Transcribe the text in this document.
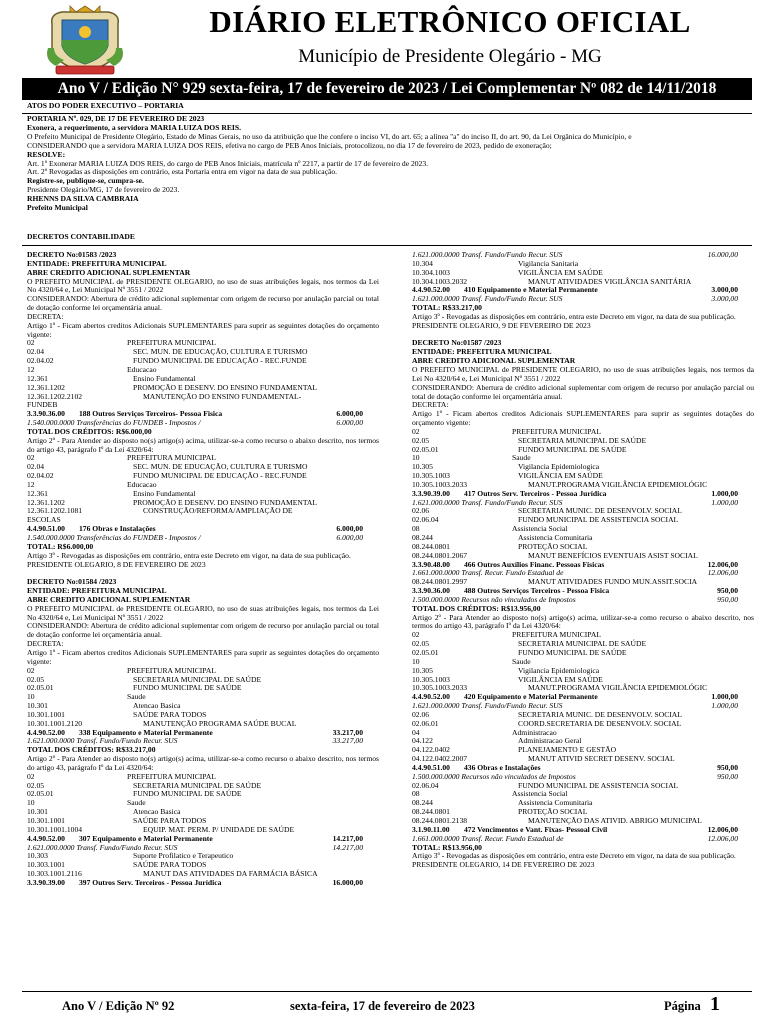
DIÁRIO ELETRÔNICO OFICIAL
Município de Presidente Olegário - MG
Ano V / Edição N° 929 sexta-feira, 17 de fevereiro de 2023 / Lei Complementar Nº 082 de 14/11/2018
ATOS DO PODER EXECUTIVO – PORTARIA
PORTARIA Nº. 029, DE 17 DE FEVEREIRO DE 2023
Exonera, a requerimento, a servidora MARIA LUIZA DOS REIS.
O Prefeito Municipal de Presidente Olegário, Estado de Minas Gerais, no uso da atribuição que lhe confere o inciso VI, do art. 65; a alínea "a" do inciso II, do art. 90, da Lei Orgânica do Município, e
CONSIDERANDO que a servidora MARIA LUIZA DOS REIS, efetiva no cargo de PEB Anos Iniciais, protocolizou, no dia 17 de fevereiro de 2023, pedido de exoneração;
RESOLVE:
Art. 1º Exonerar MARIA LUIZA DOS REIS, do cargo de PEB Anos Iniciais, matrícula nº 2217, a partir de 17 de fevereiro de 2023.
Art. 2º Revogadas as disposições em contrário, esta Portaria entra em vigor na data de sua publicação.
Registre-se, publique-se, cumpra-se.
Presidente Olegário/MG, 17 de fevereiro de 2023.
RHENNS DA SILVA CAMBRAIA
Prefeito Municipal
DECRETOS CONTABILIDADE
DECRETO No:01583 /2023
ENTIDADE: PREFEITURA MUNICIPAL
ABRE CREDITO ADICIONAL SUPLEMENTAR
O PREFEITO MUNICIPAL de PRESIDENTE OLEGARIO, no uso de suas atribuições legais, nos termos da Lei No 4320/64 e, Lei Municipal Nº 3551 / 2022
CONSIDERANDO: Abertura de crédito adicional suplementar com origem de recurso por anulação parcial ou total de dotação conforme lei orçamentária anual.
DECRETA:
Artigo 1º - Ficam abertos creditos Adicionais SUPLEMENTARES para suprir as seguintes dotações do orçamento vigente:
02	PREFEITURA MUNICIPAL
02.04	SEC. MUN. DE EDUCAÇÃO, CULTURA E TURISMO
02.04.02	FUNDO MUNICIPAL DE EDUCAÇÃO - REC.FUNDE
12	Educacao
12.361	Ensino Fundamental
12.361.1202	PROMOÇÃO E DESENV. DO ENSINO FUNDAMENTAL
12.361.1202.2102	MANUTENÇÃO DO ENSINO FUNDAMENTAL-
FUNDEB
3.3.90.36.00 188 Outros Serviços Terceiros- Pessoa Fisica	6.000,00
1.540.000.0000 Transferências do FUNDEB - Impostos /	6.000,00
TOTAL DOS CRÉDITOS: R$6.000,00
Artigo 2º - Para Atender ao disposto no(s) artigo(s) acima, utilizar-se-a como recurso o abaixo descrito, nos termos do artigo 43, parágrafo Iº da Lei 4320/64:
02	PREFEITURA MUNICIPAL
02.04	SEC. MUN. DE EDUCAÇÃO, CULTURA E TURISMO
02.04.02	FUNDO MUNICIPAL DE EDUCAÇÃO - REC.FUNDE
12	Educacao
12.361	Ensino Fundamental
12.361.1202	PROMOÇÃO E DESENV. DO ENSINO FUNDAMENTAL
12.361.1202.1081	CONSTRUÇÃO/REFORMA/AMPLIAÇÃO DE
ESCOLAS
4.4.90.51.00 176 Obras e Instalações	6.000,00
1.540.000.0000 Transferências do FUNDEB - Impostos /	6.000,00
TOTAL: R$6.000,00
Artigo 3º - Revogadas as disposições em contrário, entra este Decreto em vigor, na data de sua publicação.
PRESIDENTE OLEGARIO, 8 DE FEVEREIRO DE 2023
DECRETO No:01584 /2023
ENTIDADE: PREFEITURA MUNICIPAL
ABRE CREDITO ADICIONAL SUPLEMENTAR
O PREFEITO MUNICIPAL de PRESIDENTE OLEGARIO, no uso de suas atribuições legais, nos termos da Lei No 4320/64 e, Lei Municipal Nº 3551 / 2022
CONSIDERANDO: Abertura de crédito adicional suplementar com origem de recurso por anulação parcial ou total de dotação conforme lei orçamentária anual.
DECRETA:
Artigo 1º - Ficam abertos creditos Adicionais SUPLEMENTARES para suprir as seguintes dotações do orçamento vigente:
02	PREFEITURA MUNICIPAL
02.05	SECRETARIA MUNICIPAL DE SAÚDE
02.05.01	FUNDO MUNICIPAL DE SAÚDE
10	Saude
10.301	Atencao Basica
10.301.1001	SAÚDE PARA TODOS
10.301.1001.2120	MANUTENÇÃO PROGRAMA SAÚDE BUCAL
4.4.90.52.00 338 Equipamento e Material Permanente	33.217,00
1.621.000.0000 Transf. Fundo/Fundo Recur. SUS	33.217,00
TOTAL DOS CRÉDITOS: R$33.217,00
Artigo 2º - Para Atender ao disposto no(s) artigo(s) acima, utilizar-se-a como recurso o abaixo descrito, nos termos do artigo 43, parágrafo Iº da Lei 4320/64:
02	PREFEITURA MUNICIPAL
02.05	SECRETARIA MUNICIPAL DE SAÚDE
02.05.01	FUNDO MUNICIPAL DE SAÚDE
10	Saude
10.301	Atencao Basica
10.301.1001	SAÚDE PARA TODOS
10.301.1001.1004	EQUIP. MAT. PERM. P/ UNIDADE DE SAÚDE
4.4.90.52.00 307 Equipamento e Material Permanente	14.217,00
1.621.000.0000 Transf. Fundo/Fundo Recur. SUS	14.217,00
10.303	Suporte Profilatico e Terapeutico
10.303.1001	SAÚDE PARA TODOS
10.303.1001.2116	MANUT DAS ATIVIDADES DA FARMÁCIA BÁSICA
3.3.90.39.00 397 Outros Serv. Terceiros - Pessoa Jurídica	16.000,00
1.621.000.0000 Transf. Fundo/Fundo Recur. SUS	16.000,00
10.304	Vigilancia Sanitaria
10.304.1003	VIGILÂNCIA EM SAÚDE
10.304.1003.2032	MANUT ATIVIDADES VIGILÂNCIA SANITÁRIA
4.4.90.52.00 410 Equipamento e Material Permanente	3.000,00
1.621.000.0000 Transf. Fundo/Fundo Recur. SUS	3.000,00
TOTAL: R$33.217,00
Artigo 3º - Revogadas as disposições em contrário, entra este Decreto em vigor, na data de sua publicação.
PRESIDENTE OLEGARIO, 9 DE FEVEREIRO DE 2023
DECRETO No:01587 /2023
ENTIDADE: PREFEITURA MUNICIPAL
ABRE CREDITO ADICIONAL SUPLEMENTAR
O PREFEITO MUNICIPAL de PRESIDENTE OLEGARIO, no uso de suas atribuições legais, nos termos da Lei No 4320/64 e, Lei Municipal Nº 3551 / 2022
CONSIDERANDO: Abertura de crédito adicional suplementar com origem de recurso por anulação parcial ou total de dotação conforme lei orçamentária anual.
DECRETA:
Artigo 1º - Ficam abertos creditos Adicionais SUPLEMENTARES para suprir as seguintes dotações do orçamento vigente:
02	PREFEITURA MUNICIPAL
02.05	SECRETARIA MUNICIPAL DE SAÚDE
02.05.01	FUNDO MUNICIPAL DE SAÚDE
10	Saude
10.305	Vigilancia Epidemiologica
10.305.1003	VIGILÂNCIA EM SAÚDE
10.305.1003.2033	MANUT.PROGRAMA VIGILÂNCIA EPIDEMIOLÓGIC
3.3.90.39.00 417 Outros Serv. Terceiros - Pessoa Jurídica	1.000,00
1.621.000.0000 Transf. Fundo/Fundo Recur. SUS	1.000,00
02.06	SECRETARIA MUNIC. DE DESENVOLV. SOCIAL
02.06.04	FUNDO MUNICIPAL DE ASSISTENCIA SOCIAL
08	Assistencia Social
08.244	Assistencia Comunitaria
08.244.0801	PROTEÇÃO SOCIAL
08.244.0801.2067	MANUT BENEFÍCIOS EVENTUAIS ASIST SOCIAL
3.3.90.48.00 466 Outros Auxílios Financ. Pessoas Físicas	12.006,00
1.661.000.0000 Transf. Recur. Fundo Estadual de	12.006,00
08.244.0801.2997	MANUT ATIVIDADES FUNDO MUN.ASSIT.SOCIA
3.3.90.36.00 488 Outros Serviços Terceiros - Pessoa Fisica	950,00
1.500.000.0000 Recursos não vinculados de Impostos	950,00
TOTAL DOS CRÉDITOS: R$13.956,00
Artigo 2º - Para Atender ao disposto no(s) artigo(s) acima, utilizar-se-a como recurso o abaixo descrito, nos termos do artigo 43, parágrafo Iº da Lei 4320/64:
02	PREFEITURA MUNICIPAL
02.05	SECRETARIA MUNICIPAL DE SAÚDE
02.05.01	FUNDO MUNICIPAL DE SAÚDE
10	Saude
10.305	Vigilancia Epidemiologica
10.305.1003	VIGILÂNCIA EM SAÚDE
10.305.1003.2033	MANUT.PROGRAMA VIGILÂNCIA EPIDEMIOLÓGIC
4.4.90.52.00 420 Equipamento e Material Permanente	1.000,00
1.621.000.0000 Transf. Fundo/Fundo Recur. SUS	1.000,00
02.06	SECRETARIA MUNIC. DE DESENVOLV. SOCIAL
02.06.01	COORD.SECRETARIA DE DESENVOLV. SOCIAL
04	Administracao
04.122	Administracao Geral
04.122.0402	PLANEJAMENTO E GESTÃO
04.122.0402.2007	MANUT ATIVID SECRET DESENV. SOCIAL
4.4.90.51.00 436 Obras e Instalações	950,00
1.500.000.0000 Recursos não vinculados de Impostos	950,00
02.06.04	FUNDO MUNICIPAL DE ASSISTENCIA SOCIAL
08	Assistencia Social
08.244	Assistencia Comunitaria
08.244.0801	PROTEÇÃO SOCIAL
08.244.0801.2138	MANUTENÇÃO DAS ATIVID. ABRIGO MUNICIPAL
3.1.90.11.00 472 Vencimentos e Vant. Fixas- Pessoal Civil	12.006,00
1.661.000.0000 Transf. Recur. Fundo Estadual de	12.006,00
TOTAL: R$13.956,00
Artigo 3º - Revogadas as disposições em contrário, entra este Decreto em vigor, na data de sua publicação.
PRESIDENTE OLEGARIO, 14 DE FEVEREIRO DE 2023
Ano V / Edição Nº 92	sexta-feira, 17 de fevereiro de 2023	Página 1
